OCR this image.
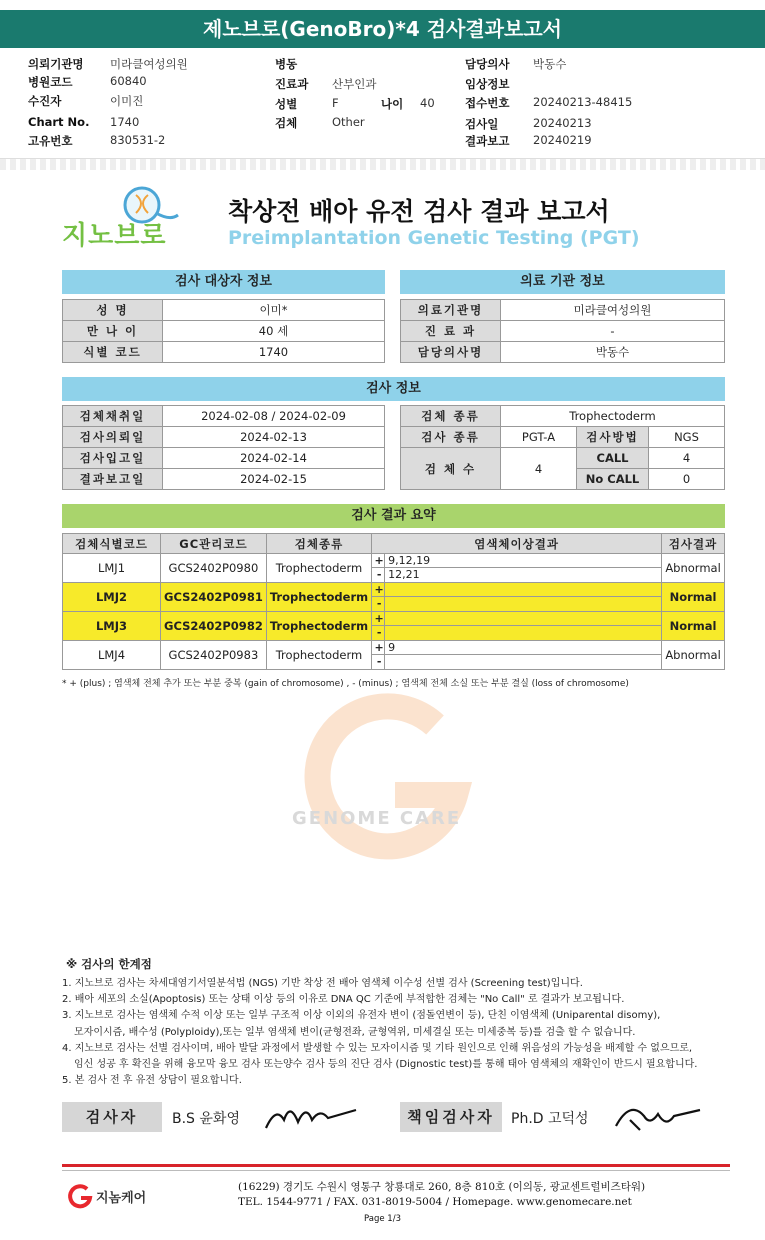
제노브로(GenoBro)*4 검사결과보고서
의뢰기관명 미라클여성의원
병원코드	60840
수진자	이미진
Chart No. 1740
고유번호	830531-2
병동
진료과 산부인과
성별	F	나이 40
검체	Other
담당의사 박동수
임상정보
접수번호 20240213-48415
검사일	20240213
결과보고 20240219
지노브로
착상전 배아 유전 검사 결과 보고서
Preimplantation Genetic Testing (PGT)
검사 대상자 정보	의료 기관 정보
성 명	이미*
만 나 이	40 세
식별 코드	1740
의료기관명	미라클여성의원
진 료 과	-
담당의사명	박동수
검사 정보
검체채취일	2024-02-08 / 2024-02-09
검사의뢰일	2024-02-13
검사입고일	2024-02-14
결과보고일	2024-02-15
검체 종류	Trophectoderm		
검사 종류	PGT-A	검사방법	NGS
검 체 수	4	CALL	4
		No CALL	0
검사 결과 요약
검체식별코드	GC관리코드	검체종류	염색체이상결과	검사결과
LMJ1	GCS2402P0980	Trophectoderm	+ 9,12,19
- 12,21	Abnormal
LMJ2	GCS2402P0981	Trophectoderm	+
-	Normal
LMJ3	GCS2402P0982	Trophectoderm	+
-	Normal
LMJ4	GCS2402P0983	Trophectoderm	+ 9
-	Abnormal
* + (plus) ; 염색체 전체 추가 또는 부분 중복 (gain of chromosome) , - (minus) ; 염색체 전체 소실 또는 부분 결실 (loss of chromosome)
GENOME CARE
※ 검사의 한계점
1. 지노브로 검사는 차세대염기서열분석법 (NGS) 기반 착상 전 배아 염색체 이수성 선별 검사 (Screening test)입니다.
2. 배아 세포의 소실(Apoptosis) 또는 상태 이상 등의 이유로 DNA QC 기준에 부적합한 검체는 "No Call" 로 결과가 보고됩니다.
3. 지노브로 검사는 염색체 수적 이상 또는 일부 구조적 이상 이외의 유전자 변이 (점돌연변이 등), 단친 이염색체 (Uniparental disomy),
모자이시즘, 배수성 (Polyploidy),또는 일부 염색체 변이(균형전좌, 균형역위, 미세결실 또는 미세중복 등)를 검출 할 수 없습니다.
4. 지노브로 검사는 선별 검사이며, 배아 발달 과정에서 발생할 수 있는 모자이시즘 및 기타 원인으로 인해 위음성의 가능성을 배제할 수 없으므로,
임신 성공 후 확진을 위해 융모막 융모 검사 또는양수 검사 등의 진단 검사 (Dignostic test)를 통해 태아 염색체의 재확인이 반드시 필요합니다.
5. 본 검사 전 후 유전 상담이 필요합니다.
검사자	B.S 윤화영	책임검사자	Ph.D 고덕성
지놈케어
(16229) 경기도 수원시 영통구 창룡대로 260, 8층 810호 (이의동, 광교센트럴비즈타워)
TEL. 1544-9771 / FAX. 031-8019-5004 / Homepage. www.genomecare.net
Page 1/3
